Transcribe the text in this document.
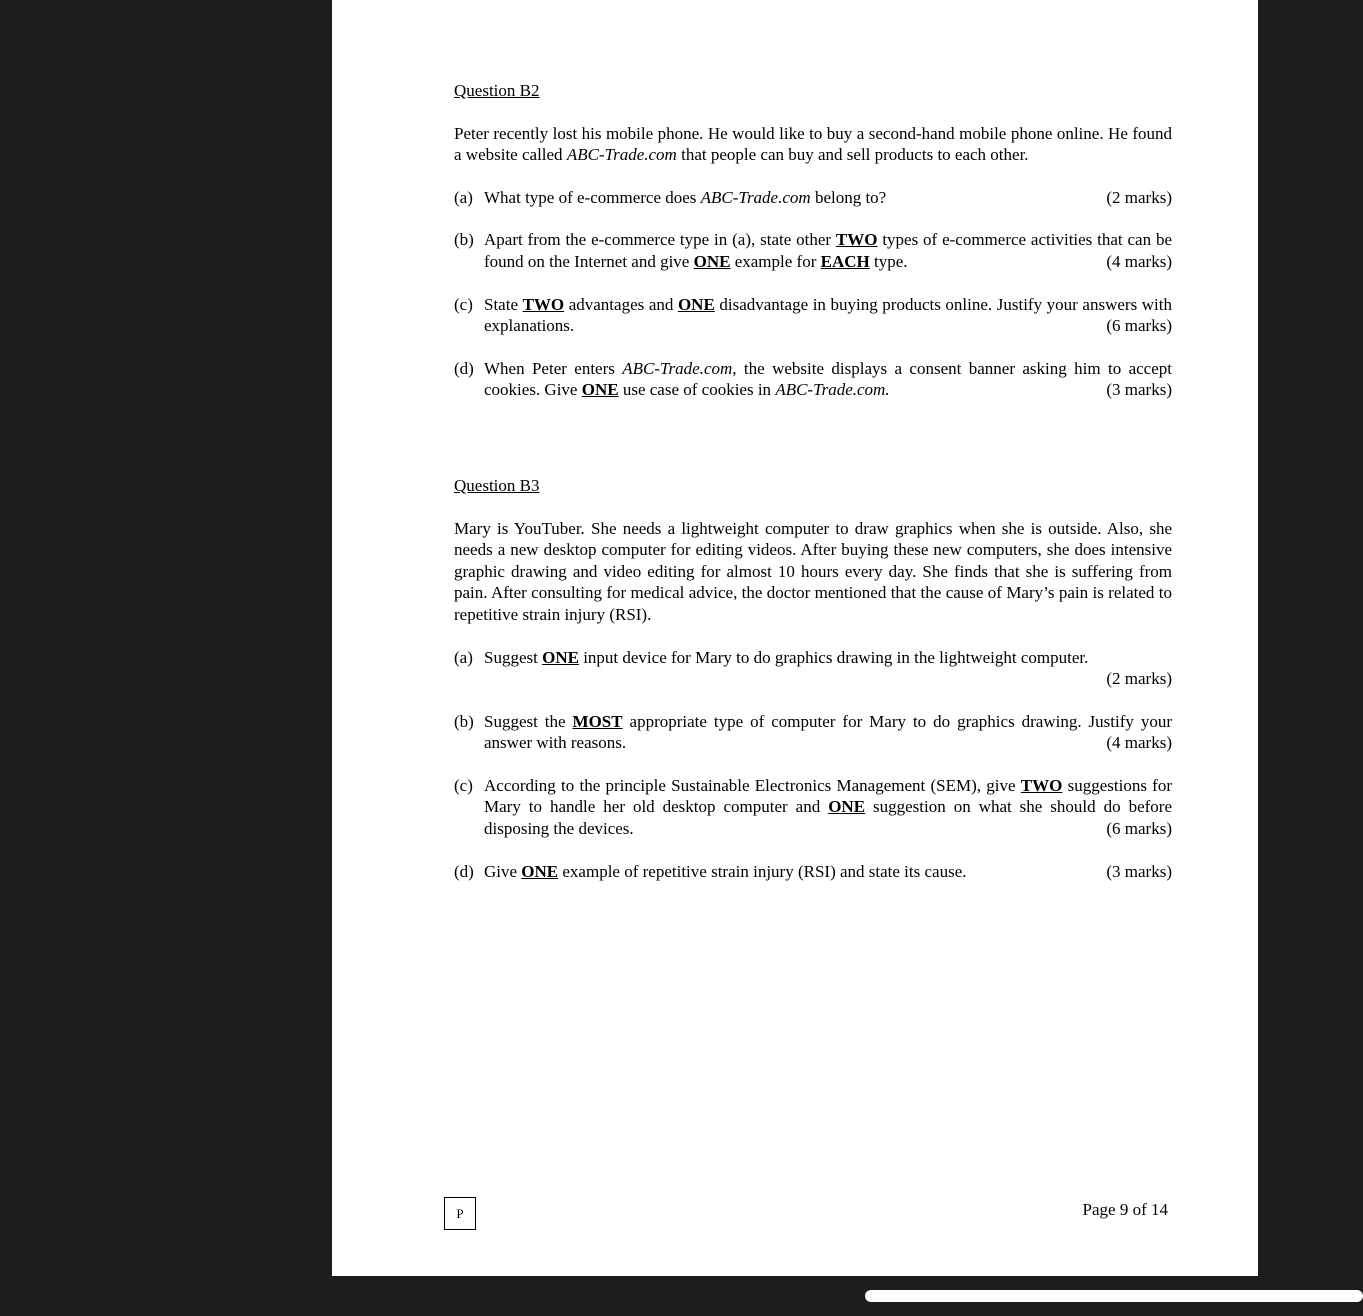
Question B2
Peter recently lost his mobile phone. He would like to buy a second-hand mobile phone online. He found a website called ABC-Trade.com that people can buy and sell products to each other.
(a)	(2 marks)
What type of e-commerce does ABC-Trade.com belong to?
(b) Apart from the e-commerce type in (a), state other TWO types of e-commerce activities that can be found on the Internet and give ONE example for EACH type.	(4 marks)
(c) State TWO advantages and ONE disadvantage in buying products online. Justify your answers with explanations.	(6 marks)
(d) When Peter enters ABC-Trade.com, the website displays a consent banner asking him to accept cookies. Give ONE use case of cookies in ABC-Trade.com.	(3 marks)
Question B3
Mary is YouTuber. She needs a lightweight computer to draw graphics when she is outside. Also, she needs a new desktop computer for editing videos. After buying these new computers, she does intensive graphic drawing and video editing for almost 10 hours every day. She finds that she is suffering from pain. After consulting for medical advice, the doctor mentioned that the cause of Mary’s pain is related to repetitive strain injury (RSI).
(a) Suggest ONE input device for Mary to do graphics drawing in the lightweight computer.
(2 marks)
(b) Suggest the MOST appropriate type of computer for Mary to do graphics drawing. Justify your answer with reasons.	(4 marks)
(c) According to the principle Sustainable Electronics Management (SEM), give TWO suggestions for Mary to handle her old desktop computer and ONE suggestion on what she should do before disposing the devices.	(6 marks)
(d)	(3 marks)
Give ONE example of repetitive strain injury (RSI) and state its cause.
P	Page 9 of 14
